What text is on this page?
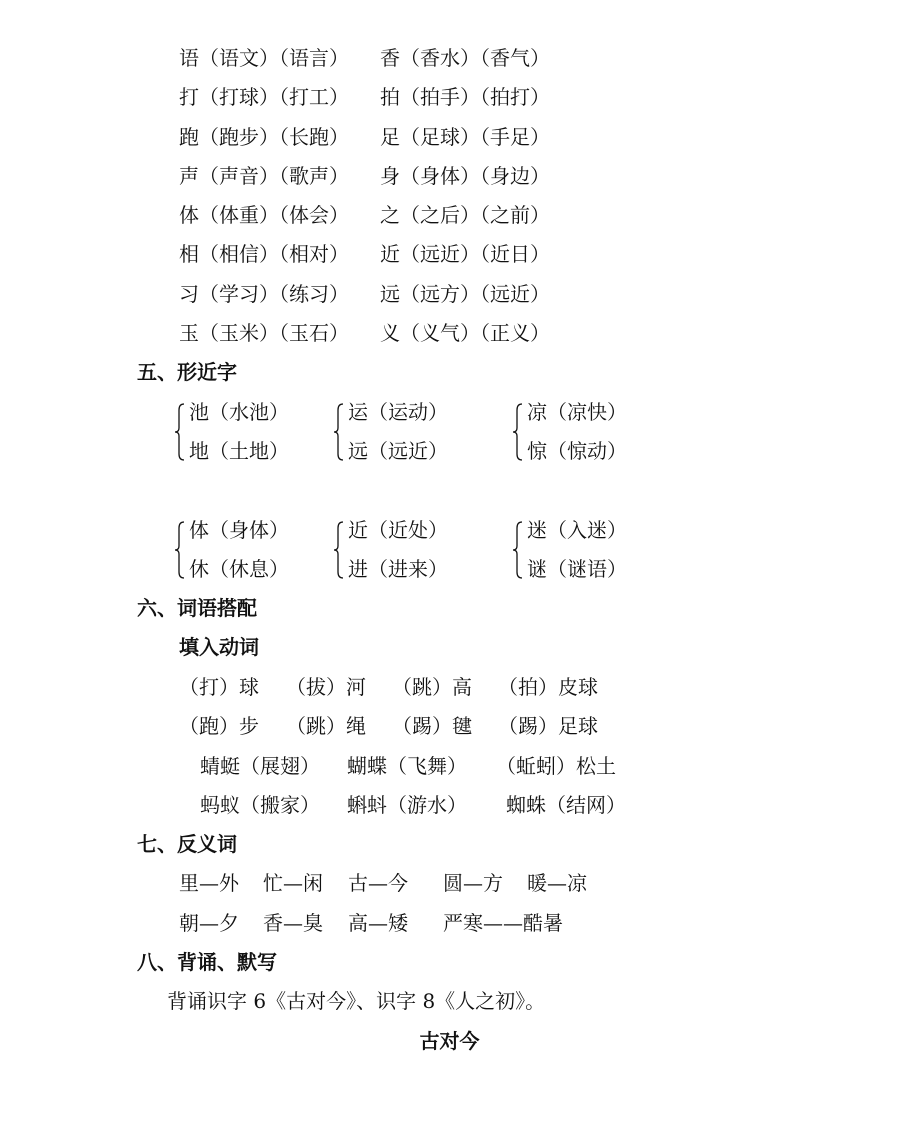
语（语文）（语言） 香（香水）（香气）
打（打球）（打工） 拍（拍手）（拍打）
跑（跑步）（长跑） 足（足球）（手足）
声（声音）（歌声） 身（身体）（身边）
体（体重）（体会） 之（之后）（之前）
相（相信）（相对） 近（远近）（近日）
习（学习）（练习） 远（远方）（远近）
玉（玉米）（玉石） 义（义气）（正义）
五、形近字
池（水池）
地（土地）
运（运动）
远（远近）
凉（凉快）
惊（惊动）
体（身体）
休（休息）
近（近处）
进（进来）
迷（入迷）
谜（谜语）
六、词语搭配
填入动词
（打）球 （拔）河 （跳）高 （拍）皮球
（跑）步 （跳）绳 （踢）毽 （踢）足球
蜻蜓（展翅） 蝴蝶（飞舞） （蚯蚓）松土
蚂蚁（搬家） 蝌蚪（游水） 蜘蛛（结网）
七、反义词
里—外 忙—闲 古—今 圆—方 暖—凉
朝—夕 香—臭 高—矮 严寒——酷暑
八、背诵、默写
背诵识字 6《古对今》、识字 8《人之初》。
古对今
